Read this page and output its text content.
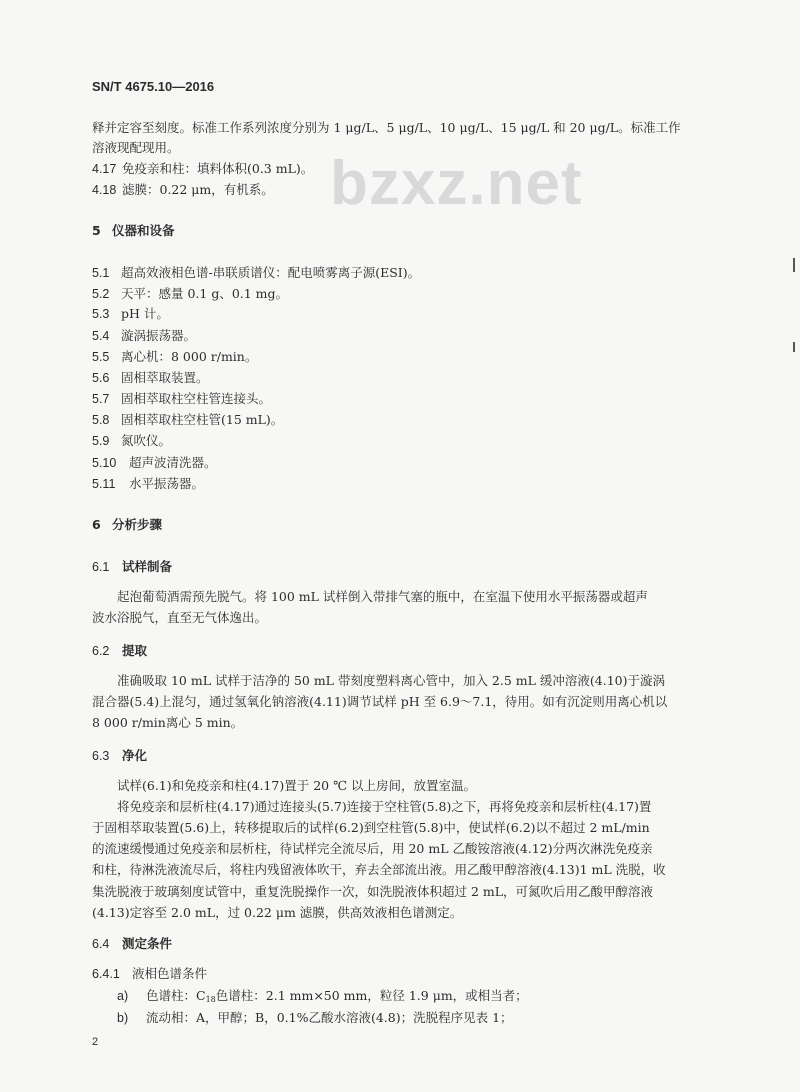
SN/T 4675.10—2016
bzxz.net
释并定容至刻度。标准工作系列浓度分别为 1 μg/L、5 μg/L、10 μg/L、15 μg/L 和 20 μg/L。标准工作
溶液现配现用。
4.17 免疫亲和柱：填料体积(0.3 mL)。
4.18 滤膜：0.22 μm，有机系。
5 仪器和设备
5.1 超高效液相色谱-串联质谱仪：配电喷雾离子源(ESI)。
5.2 天平：感量 0.1 g、0.1 mg。
5.3 pH 计。
5.4 漩涡振荡器。
5.5 离心机：8 000 r/min。
5.6 固相萃取装置。
5.7 固相萃取柱空柱管连接头。
5.8 固相萃取柱空柱管(15 mL)。
5.9 氮吹仪。
5.10 超声波清洗器。
5.11 水平振荡器。
6 分析步骤
6.1 试样制备
起泡葡萄酒需预先脱气。将 100 mL 试样倒入带排气塞的瓶中，在室温下使用水平振荡器或超声
波水浴脱气，直至无气体逸出。
6.2 提取
准确吸取 10 mL 试样于洁净的 50 mL 带刻度塑料离心管中，加入 2.5 mL 缓冲溶液(4.10)于漩涡
混合器(5.4)上混匀，通过氢氧化钠溶液(4.11)调节试样 pH 至 6.9～7.1，待用。如有沉淀则用离心机以
8 000 r/min离心 5 min。
6.3 净化
试样(6.1)和免疫亲和柱(4.17)置于 20 ℃ 以上房间，放置室温。
将免疫亲和层析柱(4.17)通过连接头(5.7)连接于空柱管(5.8)之下，再将免疫亲和层析柱(4.17)置
于固相萃取装置(5.6)上，转移提取后的试样(6.2)到空柱管(5.8)中，使试样(6.2)以不超过 2 mL/min
的流速缓慢通过免疫亲和层析柱，待试样完全流尽后，用 20 mL 乙酸铵溶液(4.12)分两次淋洗免疫亲
和柱，待淋洗液流尽后，将柱内残留液体吹干，弃去全部流出液。用乙酸甲醇溶液(4.13)1 mL 洗脱，收
集洗脱液于玻璃刻度试管中，重复洗脱操作一次，如洗脱液体积超过 2 mL，可氮吹后用乙酸甲醇溶液
(4.13)定容至 2.0 mL，过 0.22 μm 滤膜，供高效液相色谱测定。
6.4 测定条件
6.4.1 液相色谱条件
a) 色谱柱：$C_{18}$色谱柱：2.1 mm×50 mm，粒径 1.9 μm，或相当者；
b) 流动相：A，甲醇；B，0.1%乙酸水溶液(4.8)；洗脱程序见表 1；
2
